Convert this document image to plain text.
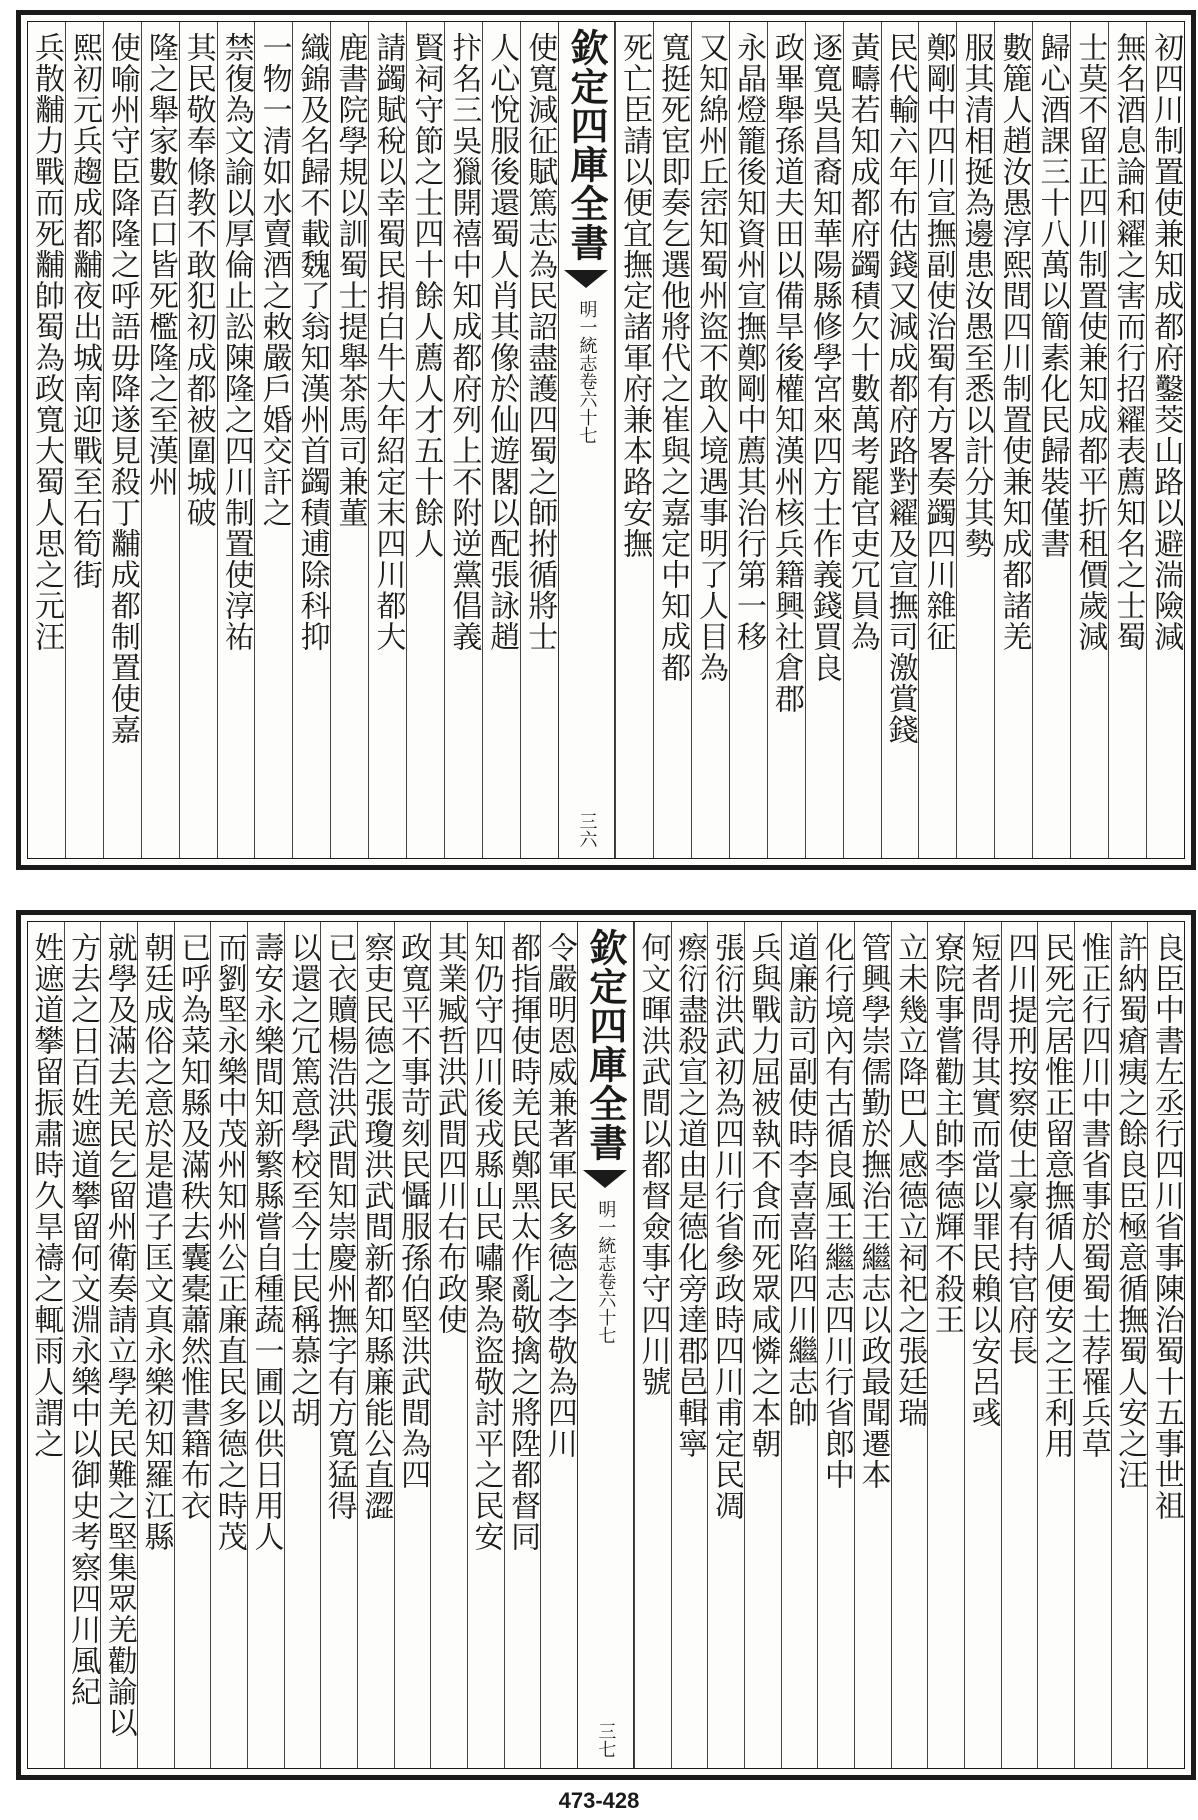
初四川制置使兼知成都府鑿茭山路以避湍險減
無名酒息論和糴之害而行招糴表薦知名之士蜀
士莫不留正四川制置使兼知成都平折租價歲減
歸心酒課三十八萬以簡素化民歸裝僅書
數簏人趙汝愚淳熙間四川制置使兼知成都諸羌
服其清相挻為邊患汝愚至悉以計分其勢
鄭剛中四川宣撫副使治蜀有方畧奏蠲四川雜征
民代輸六年布估錢又減成都府路對糴及宣撫司激賞錢
黃疇若知成都府蠲積欠十數萬考罷官吏冗員為
逐寬吳昌裔知華陽縣修學宮來四方士作義錢買良
政畢舉孫道夫田以備旱後權知漢州核兵籍興社倉郡
永晶燈籠後知資州宣撫鄭剛中薦其治行第一移
又知綿州丘崈知蜀州盜不敢入境遇事明了人目為
寬挺死宦即奏乞選他將代之崔與之嘉定中知成都
死亡臣請以便宜撫定諸軍府兼本路安撫
欽定四庫全書
明一統志卷六十七
三六
使寬減征賦篤志為民詔盡護四蜀之師拊循將士
人心悅服後還蜀人肖其像於仙遊閣以配張詠趙
抃名三吳獵開禧中知成都府列上不附逆黨倡義
賢祠守節之士四十餘人薦人才五十餘人
請蠲賦稅以幸蜀民捐白牛大年紹定末四川都大
鹿書院學規以訓蜀士提舉茶馬司兼董
織錦及名歸不載魏了翁知漢州首蠲積逋除科抑
一物一清如水賣酒之敕嚴戶婚交訐之
禁復為文諭以厚倫止訟陳隆之四川制置使淳祐
其民敬奉條教不敢犯初成都被圍城破
隆之舉家數百口皆死檻隆之至漢州
使喻州守臣降隆之呼語毋降遂見殺丁黼成都制置使嘉
熙初元兵趨成都黼夜出城南迎戰至石筍街
兵散黼力戰而死黼帥蜀為政寬大蜀人思之元汪
良臣中書左丞行四川省事陳治蜀十五事世祖
許納蜀瘡痍之餘良臣極意循撫蜀人安之汪
惟正行四川中書省事於蜀蜀土荐罹兵草
民死完居惟正留意撫循人便安之王利用
四川提刑按察使土豪有持官府長
短者問得其實而當以罪民賴以安呂彧
寮院事嘗勸主帥李德輝不殺王
立未幾立降巴人感德立祠祀之張廷瑞
管興學崇儒勤於撫治王繼志以政最聞遷本
化行境內有古循良風王繼志四川行省郎中
道廉訪司副使時李喜喜陷四川繼志帥
兵與戰力屈被執不食而死眾咸憐之本朝
張衍洪武初為四川行省參政時四川甫定民凋
瘵衍盡殺宣之道由是德化旁達郡邑輯寧
何文暉洪武間以都督僉事守四川號
欽定四庫全書
明一統志卷六十七
三七
令嚴明恩威兼著軍民多德之李敬為四川
都指揮使時羌民鄭黑太作亂敬擒之將陞都督同
知仍守四川後戎縣山民嘯聚為盜敬討平之民安
其業臧哲洪武間四川右布政使
政寬平不事苛刻民懾服孫伯堅洪武間為四
察吏民德之張瓊洪武間新都知縣廉能公直澀
已衣贖楊浩洪武間知崇慶州撫字有方寬猛得
以還之冗篤意學校至今士民稱慕之胡
壽安永樂間知新繁縣嘗自種蔬一圃以供日用人
而劉堅永樂中茂州知州公正廉直民多德之時茂
已呼為菜知縣及滿秩去囊橐蕭然惟書籍布衣
朝廷成俗之意於是遣子匡文真永樂初知羅江縣
就學及滿去羌民乞留州衛奏請立學羌民難之堅集眾羌勸諭以
方去之日百姓遮道攀留何文淵永樂中以御史考察四川風紀
姓遮道攀留振肅時久旱禱之輒雨人謂之
473-428
